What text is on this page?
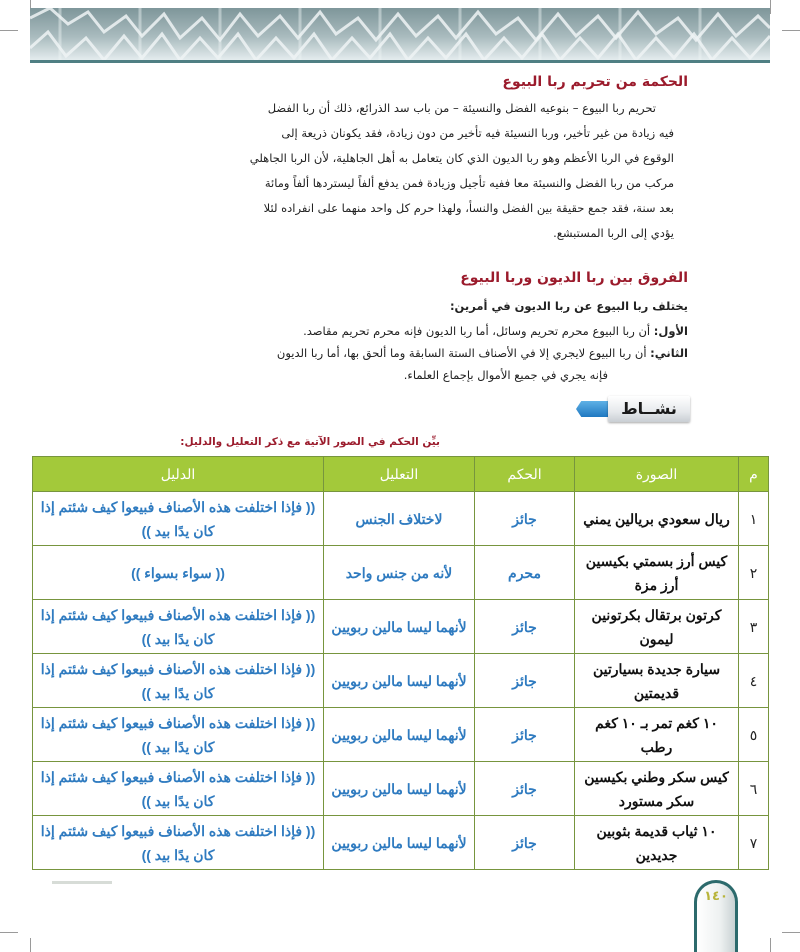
الحكمة من تحريم ربا البيوع

تحريم ربا البيوع – بنوعيه الفضل والنسيئة – من باب سد الذرائع، ذلك أن ربا الفضل

فيه زيادة من غير تأخير، وربا النسيئة فيه تأخير من دون زيادة، فقد يكونان ذريعة إلى

الوقوع في الربا الأعظم وهو ربا الديون الذي كان يتعامل به أهل الجاهلية، لأن الربا الجاهلي

مركب من ربا الفضل والنسيئة معا ففيه تأجيل وزيادة فمن يدفع ألفاً ليستردها ألفاً ومائة

بعد سنة، فقد جمع حقيقة بين الفضل والنسأ، ولهذا حرم كل واحد منهما على انفراده لئلا

يؤدي إلى الربا المستبشع.

الفروق بين ربا الديون وربا البيوع
يختلف ربا البيوع عن ربا الديون في أمرين:

الأول: أن ربا البيوع محرم تحريم وسائل، أما ربا الديون فإنه محرم تحريم مقاصد.

الثاني: أن ربا البيوع لايجري إلا في الأصناف الستة السابقة وما ألحق بها، أما ربا الديون

فإنه يجري في جميع الأموال بإجماع العلماء.

نشــاط
بيِّن الحكم في الصور الآتية مع ذكر التعليل والدليل:
م	الصورة	الحكم	التعليل	الدليل
١	ريال سعودي بريالين يمني	جائز	لاختلاف الجنس	(( فإذا اختلفت هذه الأصناف فبيعوا كيف شئتم إذا كان يدًا بيد ))
٢	كيس أرز بسمتي بكيسين أرز مزة	محرم	لأنه من جنس واحد	(( سواء بسواء ))
٣	كرتون برتقال بكرتونين ليمون	جائز	لأنهما ليسا مالين ربويين	(( فإذا اختلفت هذه الأصناف فبيعوا كيف شئتم إذا كان يدًا بيد ))
٤	سيارة جديدة بسيارتين قديمتين	جائز	لأنهما ليسا مالين ربويين	(( فإذا اختلفت هذه الأصناف فبيعوا كيف شئتم إذا كان يدًا بيد ))
٥	١٠ كغم تمر بـ ١٠ كغم رطب	جائز	لأنهما ليسا مالين ربويين	(( فإذا اختلفت هذه الأصناف فبيعوا كيف شئتم إذا كان يدًا بيد ))
٦	كيس سكر وطني بكيسين سكر مستورد	جائز	لأنهما ليسا مالين ربويين	(( فإذا اختلفت هذه الأصناف فبيعوا كيف شئتم إذا كان يدًا بيد ))
٧	١٠ ثياب قديمة بثوبين جديدين	جائز	لأنهما ليسا مالين ربويين	(( فإذا اختلفت هذه الأصناف فبيعوا كيف شئتم إذا كان يدًا بيد ))
١٤٠
